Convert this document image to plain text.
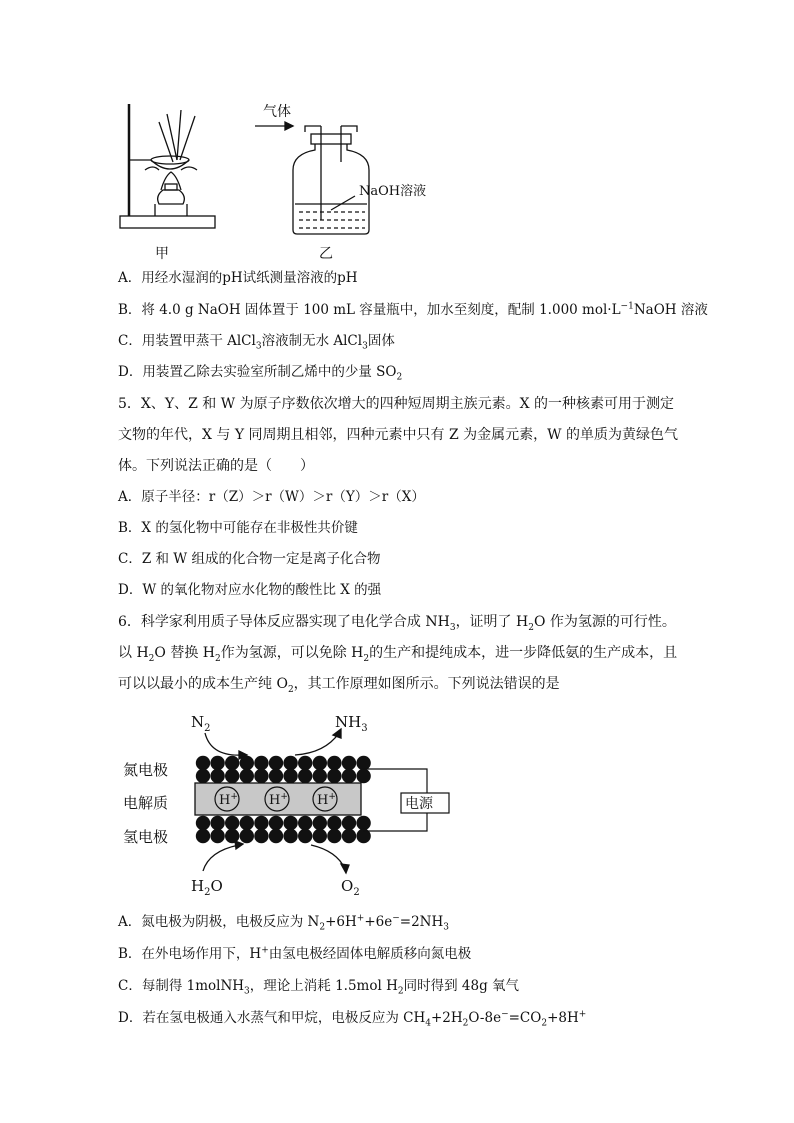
甲
气体
NaOH溶液
乙
A．用经水湿润的pH试纸测量溶液的pH
B．将 4.0 g NaOH 固体置于 100 mL 容量瓶中，加水至刻度，配制 1.000 $mol\cdot L^{-1}NaOH$ 溶液
C．用装置甲蒸干 AlCl$_3$溶液制无水 AlCl$_3$固体
D．用装置乙除去实验室所制乙烯中的少量 $SO_2$
5．X、Y、Z 和 W 为原子序数依次增大的四种短周期主族元素。X 的一种核素可用于测定
文物的年代，X 与 Y 同周期且相邻，四种元素中只有 Z 为金属元素，W 的单质为黄绿色气
体。下列说法正确的是（　　）
A．原子半径：r（Z）＞r（W）＞r（Y）＞r（X）
B．X 的氢化物中可能存在非极性共价键
C．Z 和 W 组成的化合物一定是离子化合物
D．W 的氧化物对应水化物的酸性比 X 的强
6．科学家利用质子导体反应器实现了电化学合成 $NH_3$，证明了 $H_2O$ 作为氢源的可行性。
以 $H_2O$ 替换 $H_2$作为氢源，可以免除 $H_2$的生产和提纯成本，进一步降低氨的生产成本，且
可以以最小的成本生产纯 $O_2$，其工作原理如图所示。下列说法错误的是
$N_2$	$NH_3$
氮电极
电解质
氢电极
H+ H+ H+	电源
$H_2O$	$O_2$
A．氮电极为阴极，电极反应为 $N_2+6H^++6e^-=2NH_3$
B．在外电场作用下，H+由氢电极经固体电解质移向氮电极
C．每制得 1molNH$_3$，理论上消耗 1.5mol $H_2$同时得到 48g 氧气
D．若在氢电极通入水蒸气和甲烷，电极反应为 $CH_4+2H_2O-8e^-=CO_2+8H^+$
